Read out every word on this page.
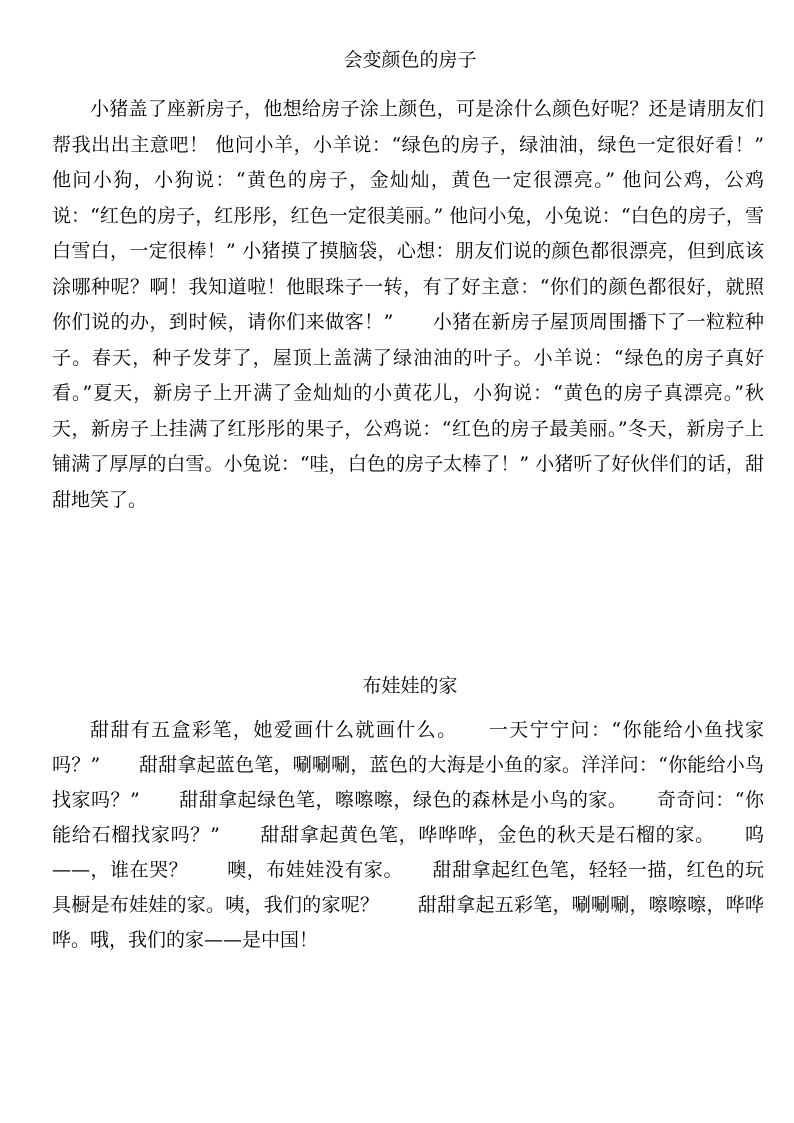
会变颜色的房子

小猪盖了座新房子，他想给房子涂上颜色，可是涂什么颜色好呢？还是请朋友们帮我出出主意吧！ 他问小羊，小羊说：“绿色的房子，绿油油，绿色一定很好看！” 他问小狗，小狗说：“黄色的房子，金灿灿，黄色一定很漂亮。” 他问公鸡，公鸡说：“红色的房子，红彤彤，红色一定很美丽。” 他问小兔，小兔说：“白色的房子，雪白雪白，一定很棒！” 小猪摸了摸脑袋，心想：朋友们说的颜色都很漂亮，但到底该涂哪种呢？啊！我知道啦！他眼珠子一转，有了好主意：“你们的颜色都很好，就照你们说的办，到时候，请你们来做客！”　　小猪在新房子屋顶周围播下了一粒粒种子。春天，种子发芽了，屋顶上盖满了绿油油的叶子。小羊说：“绿色的房子真好看。”夏天，新房子上开满了金灿灿的小黄花儿，小狗说：“黄色的房子真漂亮。”秋天，新房子上挂满了红彤彤的果子，公鸡说：“红色的房子最美丽。”冬天，新房子上铺满了厚厚的白雪。小兔说：“哇，白色的房子太棒了！” 小猪听了好伙伴们的话，甜甜地笑了。

布娃娃的家

甜甜有五盒彩笔，她爱画什么就画什么。　　一天宁宁问：“你能给小鱼找家吗？”　　甜甜拿起蓝色笔，唰唰唰，蓝色的大海是小鱼的家。洋洋问：“你能给小鸟找家吗？”　　甜甜拿起绿色笔，嚓嚓嚓，绿色的森林是小鸟的家。　　奇奇问：“你能给石榴找家吗？”　　甜甜拿起黄色笔，哗哗哗，金色的秋天是石榴的家。　　呜——，谁在哭？　　噢，布娃娃没有家。　　甜甜拿起红色笔，轻轻一描，红色的玩具橱是布娃娃的家。咦，我们的家呢？　　甜甜拿起五彩笔，唰唰唰，嚓嚓嚓，哗哗哗。哦，我们的家——是中国！
